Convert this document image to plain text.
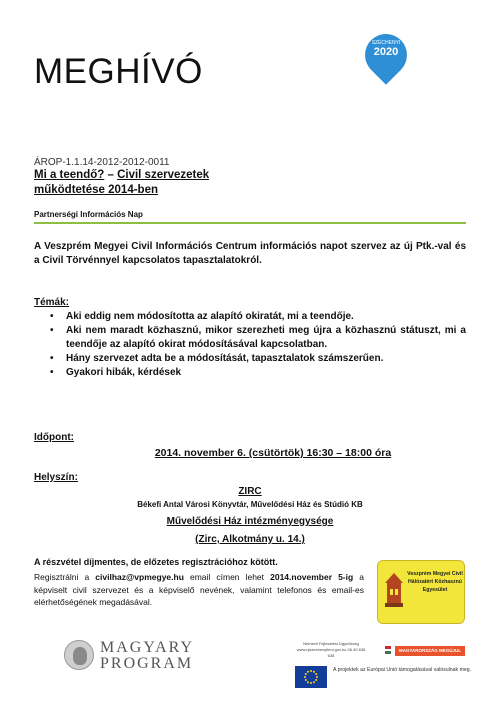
MEGHÍVÓ
SZÉCHENYI
2020
ÁROP-1.1.14-2012-2012-0011
Mi a teendő? – Civil szervezetek működtetése 2014-ben
Partnerségi Információs Nap
A Veszprém Megyei Civil Információs Centrum információs napot szervez az új Ptk.-val és a Civil Törvénnyel kapcsolatos tapasztalatokról.
Témák:
• Aki eddig nem módosította az alapító okiratát, mi a teendője.
• Aki nem maradt közhasznú, mikor szerezheti meg újra a közhasznú státuszt, mi a teendője az alapító okirat módosításával kapcsolatban.
• Hány szervezet adta be a módosítását, tapasztalatok számszerűen.
• Gyakori hibák, kérdések
Időpont:
2014. november 6. (csütörtök) 16:30 – 18:00 óra
Helyszín:
ZIRC
Békefi Antal Városi Könyvtár, Művelődési Ház és Stúdió KB
Művelődési Ház intézményegysége
(Zirc, Alkotmány u. 14.)
A részvétel díjmentes, de előzetes regisztrációhoz kötött.
Regisztrálni a civilhaz@vpmegye.hu email címen lehet 2014.november 5-ig a képviselt civil szervezet és a képviselő nevének, valamint telefonos és email-es elérhetőségének megadásával.
Veszprém Megyei Civil Hálózatért Közhasznú Egyesület
MAGYARY
PROGRAM
Nemzeti Fejlesztési Ügynökség www.ujszechenyiterv.gov.hu 06 40 638 638
MAGYARORSZÁG MEGÚJUL
A projektek az Európai Unió támogatásával valósulnak meg.
